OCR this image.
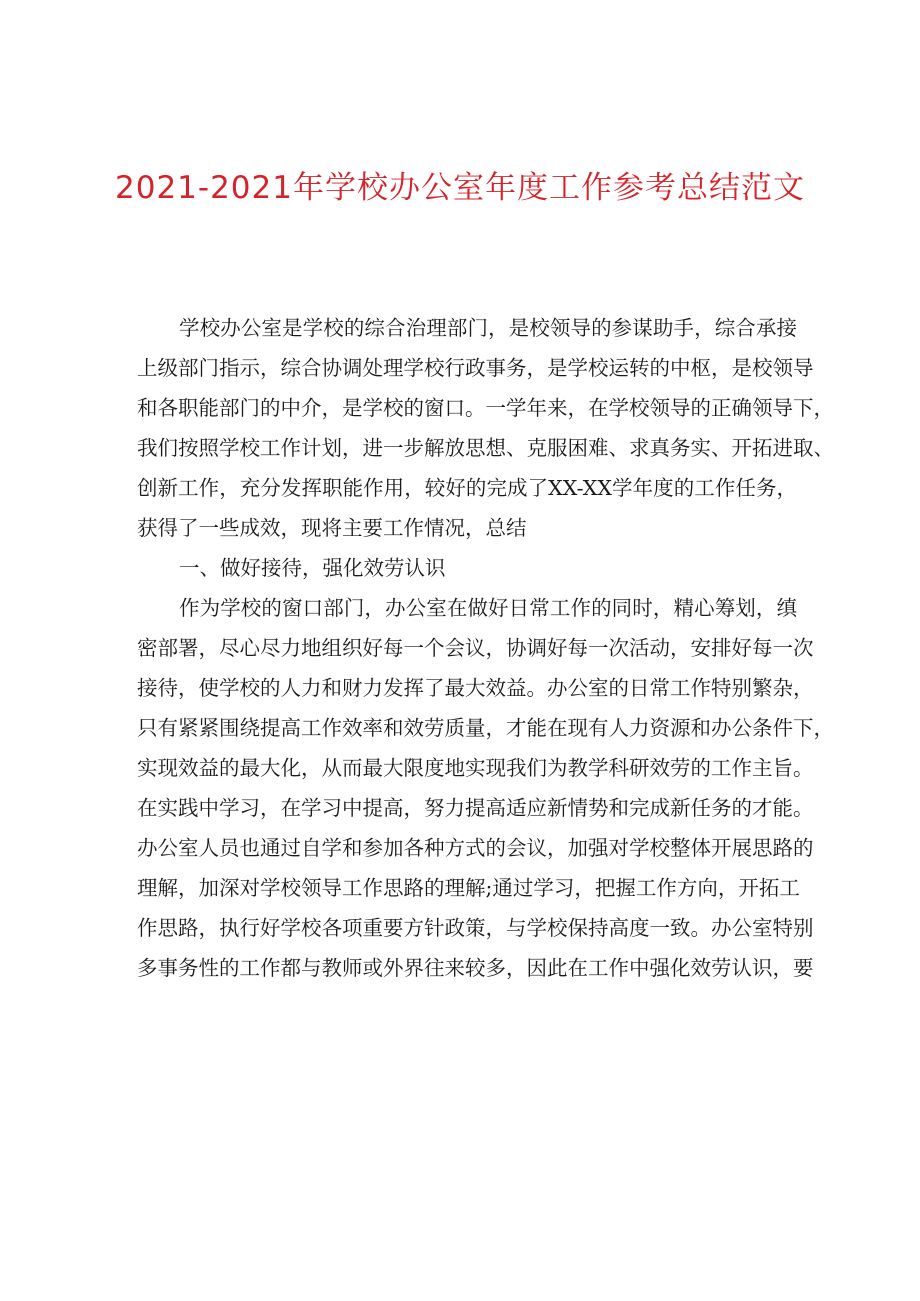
2021-2021年学校办公室年度工作参考总结范文
学校办公室是学校的综合治理部门，是校领导的参谋助手，综合承接
上级部门指示，综合协调处理学校行政事务，是学校运转的中枢，是校领导
和各职能部门的中介，是学校的窗口。一学年来，在学校领导的正确领导下，
我们按照学校工作计划，进一步解放思想、克服困难、求真务实、开拓进取、
创新工作，充分发挥职能作用，较好的完成了XX-XX学年度的工作任务，
获得了一些成效，现将主要工作情况，总结
一、做好接待，强化效劳认识
作为学校的窗口部门，办公室在做好日常工作的同时，精心筹划，缜
密部署，尽心尽力地组织好每一个会议，协调好每一次活动，安排好每一次
接待，使学校的人力和财力发挥了最大效益。办公室的日常工作特别繁杂，
只有紧紧围绕提高工作效率和效劳质量，才能在现有人力资源和办公条件下，
实现效益的最大化，从而最大限度地实现我们为教学科研效劳的工作主旨。
在实践中学习，在学习中提高，努力提高适应新情势和完成新任务的才能。
办公室人员也通过自学和参加各种方式的会议，加强对学校整体开展思路的
理解，加深对学校领导工作思路的理解;通过学习，把握工作方向，开拓工
作思路，执行好学校各项重要方针政策，与学校保持高度一致。办公室特别
多事务性的工作都与教师或外界往来较多，因此在工作中强化效劳认识，要
